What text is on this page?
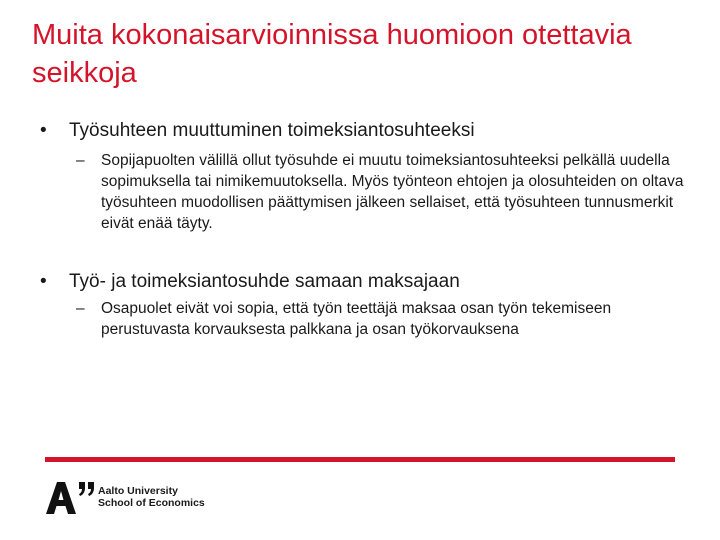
Muita kokonaisarvioinnissa huomioon otettavia seikkoja
• Työsuhteen muuttuminen toimeksiantosuhteeksi
– Sopijapuolten välillä ollut työsuhde ei muutu toimeksiantosuhteeksi pelkällä uudella sopimuksella tai nimikemuutoksella. Myös työnteon ehtojen ja olosuhteiden on oltava työsuhteen muodollisen päättymisen jälkeen sellaiset, että työsuhteen tunnusmerkit eivät enää täyty.
• Työ- ja toimeksiantosuhde samaan maksajaan
– Osapuolet eivät voi sopia, että työn teettäjä maksaa osan työn tekemiseen perustuvasta korvauksesta palkkana ja osan työkorvauksena
Aalto University
School of Economics
